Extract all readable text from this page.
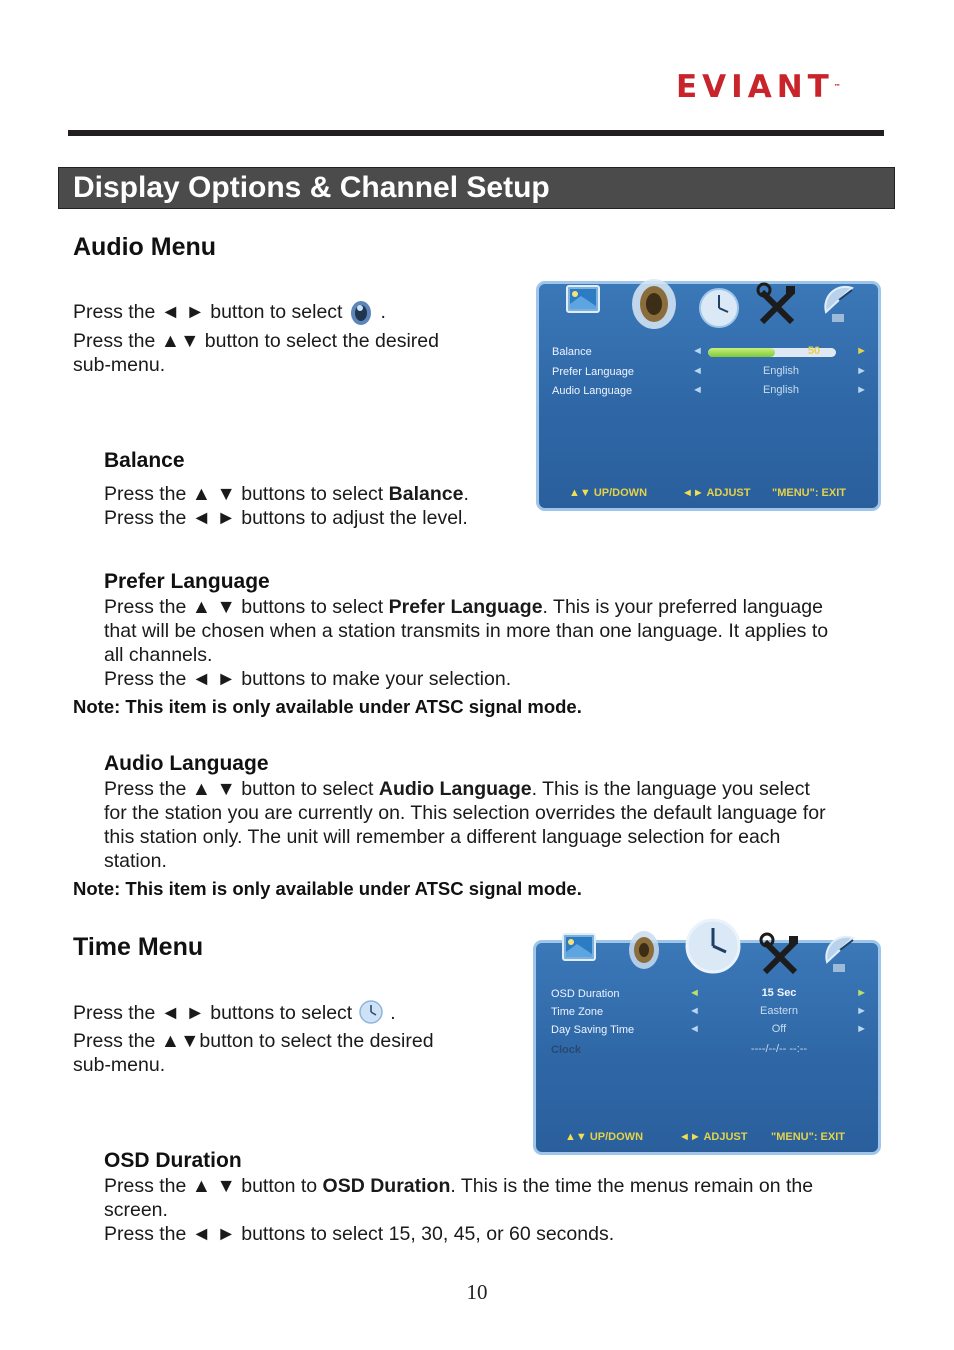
EVIANT™
Display Options & Channel Setup
Audio Menu
Press the ◄ ► button to select .
Press the ▲▼ button to select the desired
sub-menu.
Balance	◄	50	►
Prefer Language	◄	English	►
Audio Language	◄	English	►
▲▼ UP/DOWN	◄► ADJUST "MENU": EXIT
Balance
Press the ▲ ▼ buttons to select Balance.
Press the ◄ ► buttons to adjust the level.
Prefer Language
Press the ▲ ▼ buttons to select Prefer Language. This is your preferred language
that will be chosen when a station transmits in more than one language. It applies to
all channels.
Press the ◄ ► buttons to make your selection.
Note: This item is only available under ATSC signal mode.
Audio Language
Press the ▲ ▼ button to select Audio Language. This is the language you select
for the station you are currently on. This selection overrides the default language for
this station only. The unit will remember a different language selection for each
station.
Note: This item is only available under ATSC signal mode.
Time Menu
Press the ◄ ► buttons to select .
Press the ▲▼button to select the desired
sub-menu.
OSD Duration	◄	15 Sec	►
Time Zone	◄	Eastern	►
Day Saving Time	◄	Off	►
Clock	----/--/-- --:--
▲▼ UP/DOWN	◄► ADJUST "MENU": EXIT
OSD Duration
Press the ▲ ▼ button to OSD Duration. This is the time the menus remain on the
screen.
Press the ◄ ► buttons to select 15, 30, 45, or 60 seconds.
10
